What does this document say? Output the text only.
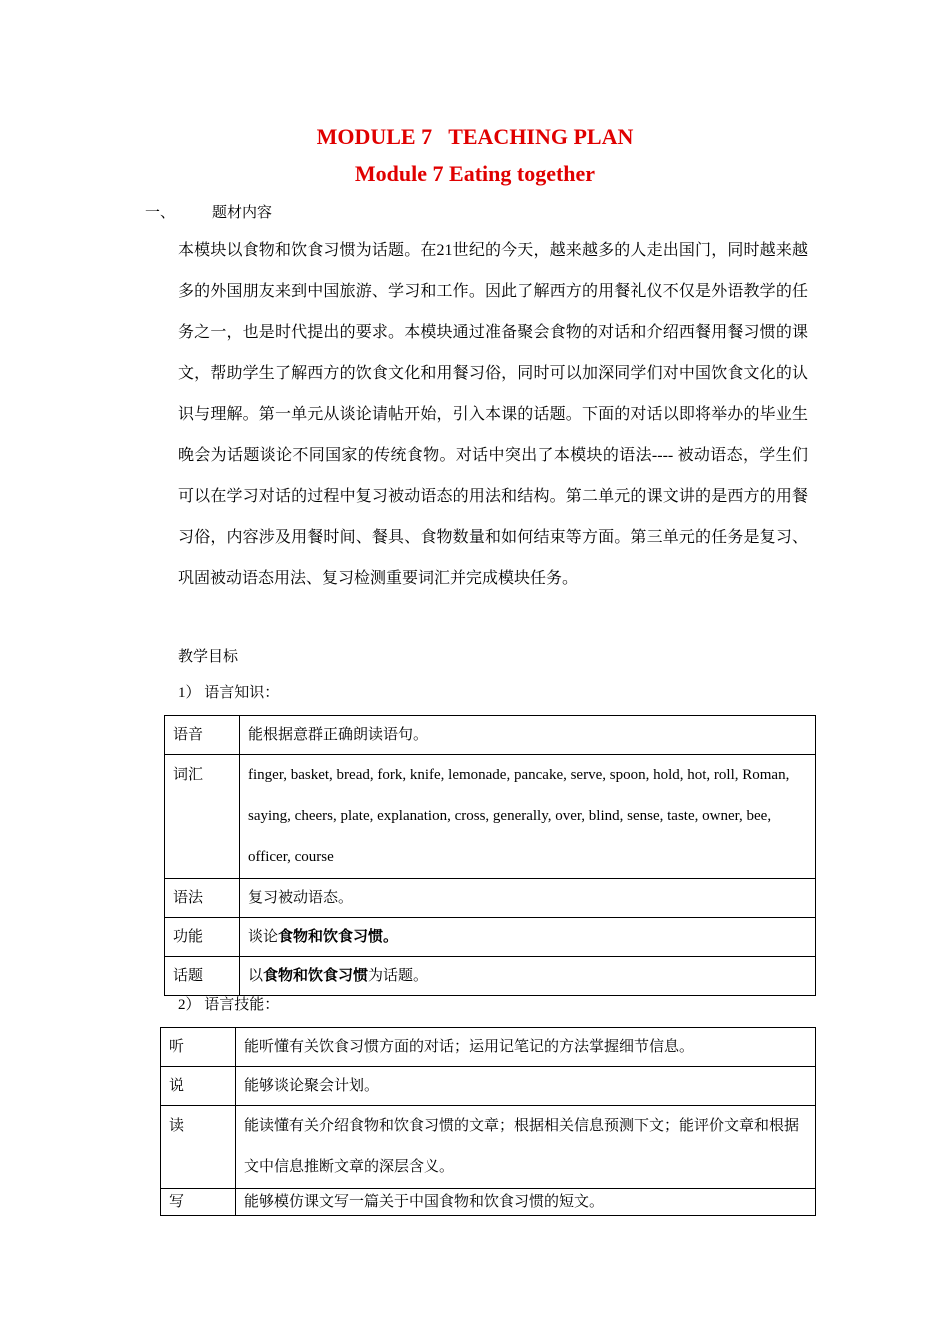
MODULE 7   TEACHING PLAN
Module 7 Eating together
一、 题材内容

本模块以食物和饮食习惯为话题。在21世纪的今天，越来越多的人走出国门，同时越来越多的外国朋友来到中国旅游、学习和工作。因此了解西方的用餐礼仪不仅是外语教学的任务之一，也是时代提出的要求。本模块通过准备聚会食物的对话和介绍西餐用餐习惯的课文，帮助学生了解西方的饮食文化和用餐习俗，同时可以加深同学们对中国饮食文化的认识与理解。第一单元从谈论请帖开始，引入本课的话题。下面的对话以即将举办的毕业生晚会为话题谈论不同国家的传统食物。对话中突出了本模块的语法---- 被动语态，学生们可以在学习对话的过程中复习被动语态的用法和结构。第二单元的课文讲的是西方的用餐习俗，内容涉及用餐时间、餐具、食物数量和如何结束等方面。第三单元的任务是复习、巩固被动语态用法、复习检测重要词汇并完成模块任务。

教学目标
1） 语言知识：
语音	能根据意群正确朗读语句。
词汇	finger, basket, bread, fork, knife, lemonade, pancake, serve, spoon, hold, hot, roll, Roman, saying, cheers, plate, explanation, cross, generally, over, blind, sense, taste, owner, bee, officer, course
语法	复习被动语态。
功能	谈论食物和饮食习惯。
话题	以食物和饮食习惯为话题。
2） 语言技能：
听	能听懂有关饮食习惯方面的对话；运用记笔记的方法掌握细节信息。
说	能够谈论聚会计划。
读	能读懂有关介绍食物和饮食习惯的文章；根据相关信息预测下文；能评价文章和根据文中信息推断文章的深层含义。
写	能够模仿课文写一篇关于中国食物和饮食习惯的短文。
